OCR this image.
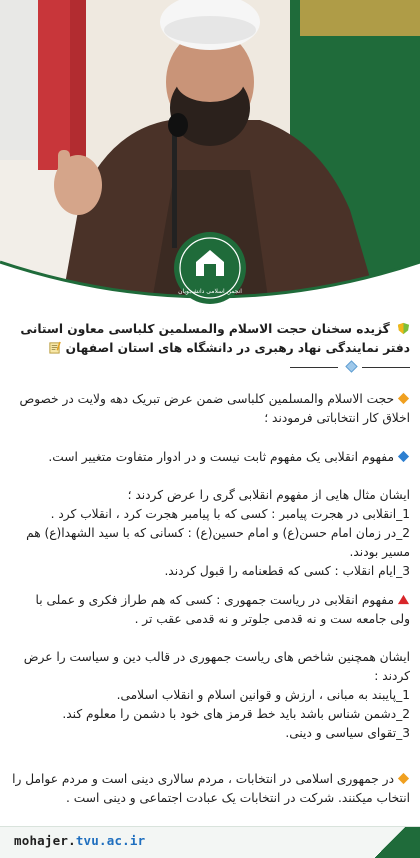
انجمن اسلامی دانشجویان

گزیده سخنان حجت الاسلام والمسلمین کلباسی معاون استانی دفتر نمایندگی نهاد رهبری در دانشگاه های استان اصفهان

حجت الاسلام والمسلمین کلباسی ضمن عرض تبریک دهه ولایت در خصوص اخلاق کار انتخاباتی فرمودند ؛

مفهوم انقلابی یک مفهوم ثابت نیست و در ادوار متفاوت متغییر است.

ایشان مثال هایی از مفهوم انقلابی گری را عرض کردند ؛

1_انقلابی در هجرت پیامبر : کسی که با پیامبر هجرت کرد ، انقلاب کرد .

2_در زمان امام حسن(ع) و امام حسین(ع) : کسانی که با سید الشهدا(ع) هم مسیر بودند.

3_ایام انقلاب : کسی که قطعنامه را قبول کردند.

مفهوم انقلابی در ریاست جمهوری : کسی که هم طراز فکری و عملی با ولی جامعه ست و نه قدمی جلوتر و نه قدمی عقب تر .

ایشان همچنین شاخص های ریاست جمهوری در قالب دین و سیاست را عرض کردند :

1_پایبند به مبانی ، ارزش و قوانین اسلام و انقلاب اسلامی.

2_دشمن شناس باشد باید خط قرمز های خود با دشمن را معلوم کند.

3_تقوای سیاسی و دینی.

در جمهوری اسلامی در انتخابات ، مردم سالاری دینی است و مردم عوامل را انتخاب میکنند. شرکت در انتخابات یک عبادت اجتماعی و دینی است .

mohajer.tvu.ac.ir
